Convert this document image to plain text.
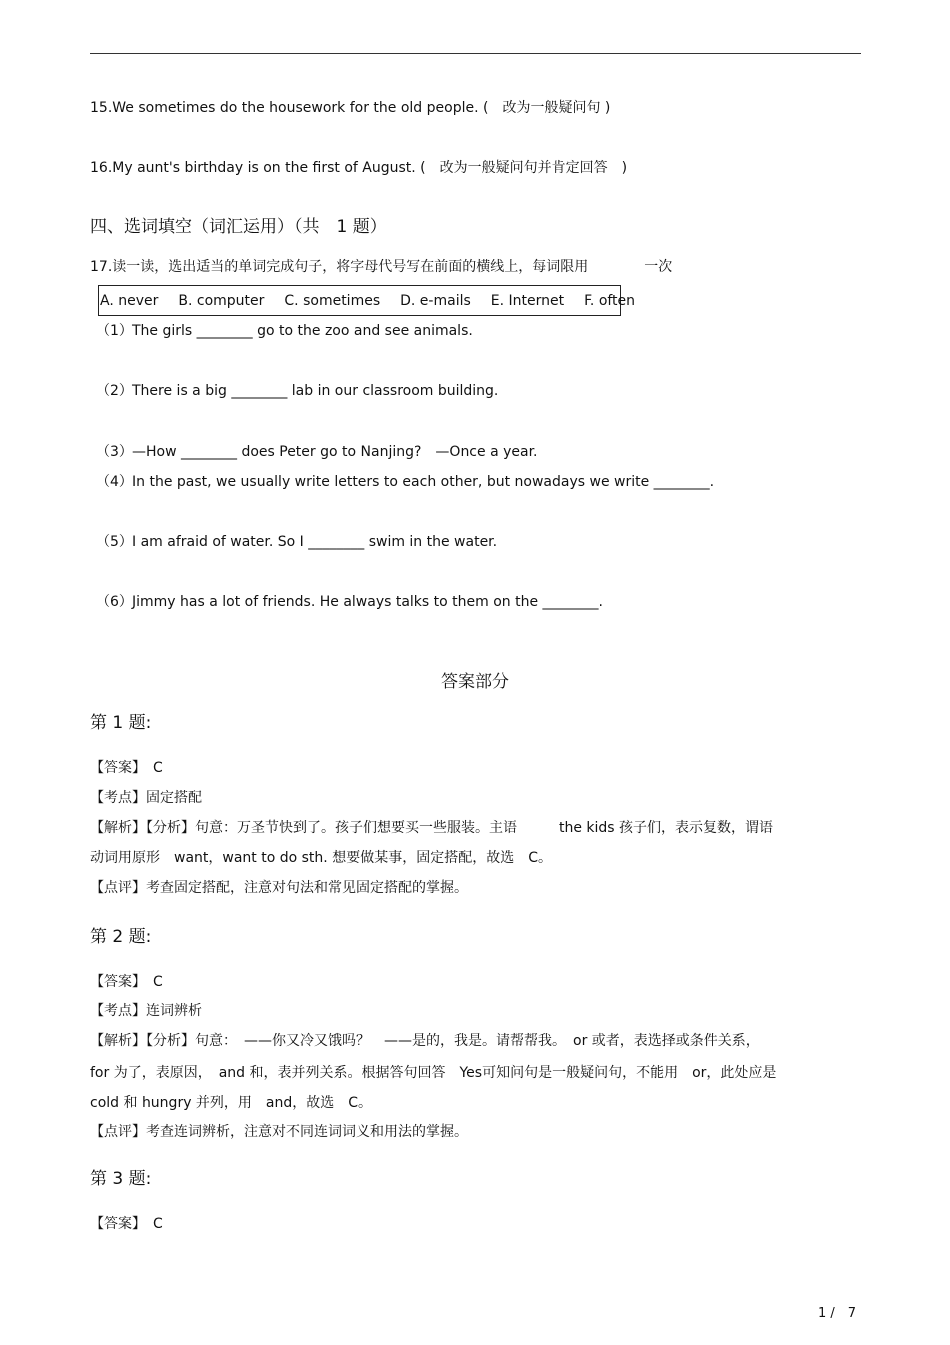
15.We sometimes do the housework for the old people. (　改为一般疑问句 )
16.My aunt's birthday is on the first of August. (　改为一般疑问句并肯定回答　)
四、选词填空（词汇运用）（共　1 题）
17.读一读，选出适当的单词完成句子，将字母代号写在前面的横线上，每词限用　　　　一次
A. never B. computer C. sometimes D. e-mails E. Internet F. often
（1）The girls ________ go to the zoo and see animals.
（2）There is a big ________ lab in our classroom building.
（3）—How ________ does Peter go to Nanjing?　—Once a year.
（4）In the past, we usually write letters to each other, but nowadays we write ________.
（5）I am afraid of water. So I ________ swim in the water.
（6）Jimmy has a lot of friends. He always talks to them on the ________.
答案部分
第 1 题:
【答案】　C
【考点】固定搭配
【解析】【分析】句意：万圣节快到了。孩子们想要买一些服装。主语　　　the kids 孩子们，表示复数，谓语
动词用原形　want，want to do sth. 想要做某事，固定搭配，故选　C。
【点评】考查固定搭配，注意对句法和常见固定搭配的掌握。
第 2 题:
【答案】　C
【考点】连词辨析
【解析】【分析】句意：　——你又冷又饿吗？　——是的，我是。请帮帮我。　or 或者，表选择或条件关系，
for 为了，表原因，　and 和，表并列关系。根据答句回答　Yes可知问句是一般疑问句，不能用　or，此处应是
cold 和 hungry 并列，用　and，故选　C。
【点评】考查连词辨析，注意对不同连词词义和用法的掌握。
第 3 题:
【答案】　C
1 /　7
